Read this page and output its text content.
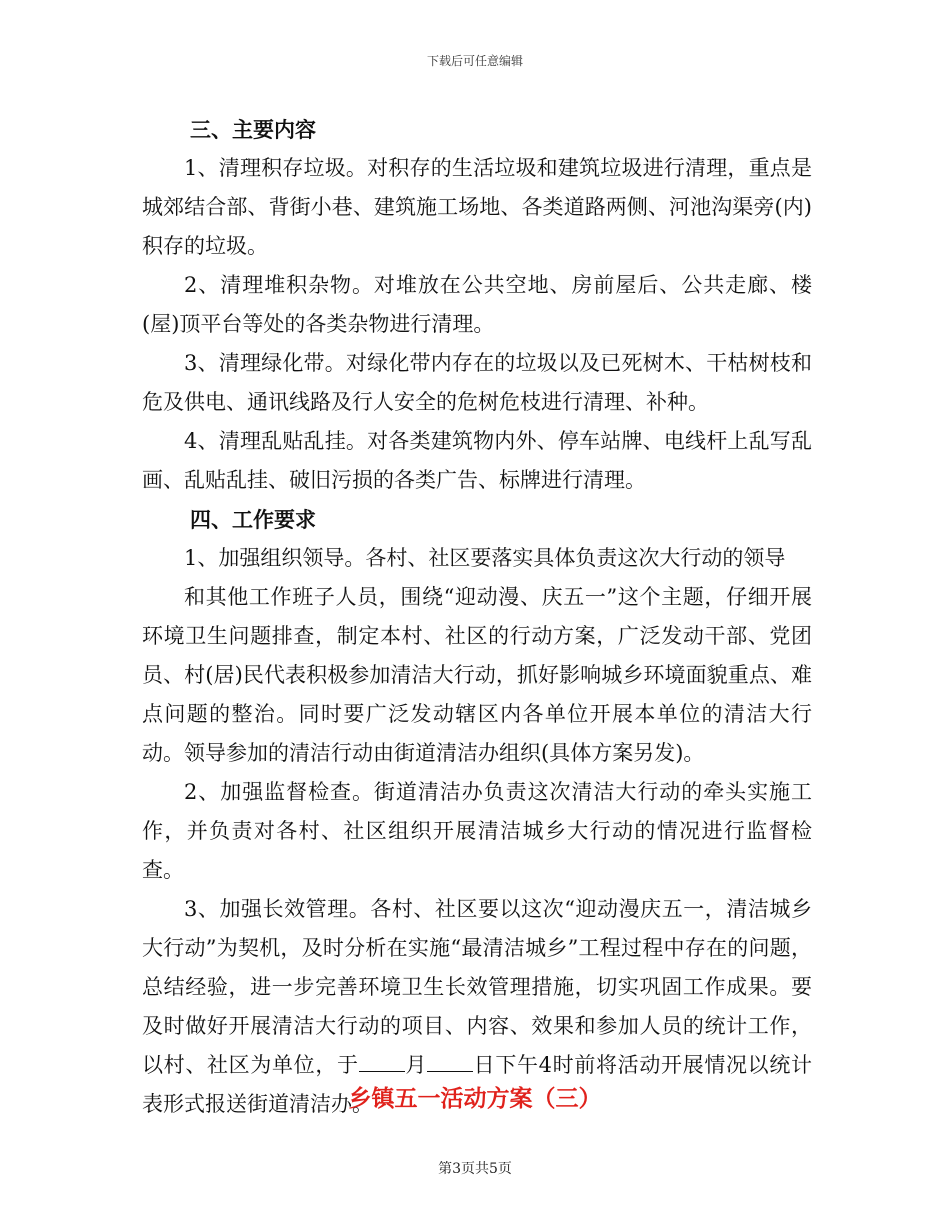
下载后可任意编辑

三、主要内容

1、清理积存垃圾。对积存的生活垃圾和建筑垃圾进行清理，重点是城郊结合部、背街小巷、建筑施工场地、各类道路两侧、河池沟渠旁(内)积存的垃圾。

2、清理堆积杂物。对堆放在公共空地、房前屋后、公共走廊、楼(屋)顶平台等处的各类杂物进行清理。

3、清理绿化带。对绿化带内存在的垃圾以及已死树木、干枯树枝和危及供电、通讯线路及行人安全的危树危枝进行清理、补种。

4、清理乱贴乱挂。对各类建筑物内外、停车站牌、电线杆上乱写乱画、乱贴乱挂、破旧污损的各类广告、标牌进行清理。

四、工作要求

1、加强组织领导。各村、社区要落实具体负责这次大行动的领导

和其他工作班子人员，围绕“迎动漫、庆五一”这个主题，仔细开展环境卫生问题排查，制定本村、社区的行动方案，广泛发动干部、党团员、村(居)民代表积极参加清洁大行动，抓好影响城乡环境面貌重点、难点问题的整治。同时要广泛发动辖区内各单位开展本单位的清洁大行动。领导参加的清洁行动由街道清洁办组织(具体方案另发)。

2、加强监督检查。街道清洁办负责这次清洁大行动的牵头实施工作，并负责对各村、社区组织开展清洁城乡大行动的情况进行监督检查。

3、加强长效管理。各村、社区要以这次“迎动漫庆五一，清洁城乡大行动”为契机，及时分析在实施“最清洁城乡”工程过程中存在的问题，总结经验，进一步完善环境卫生长效管理措施，切实巩固工作成果。要及时做好开展清洁大行动的项目、内容、效果和参加人员的统计工作，以村、社区为单位，于 月 日下午4时前将活动开展情况以统计表形式报送街道清洁办。

乡镇五一活动方案（三）
第3页共5页
